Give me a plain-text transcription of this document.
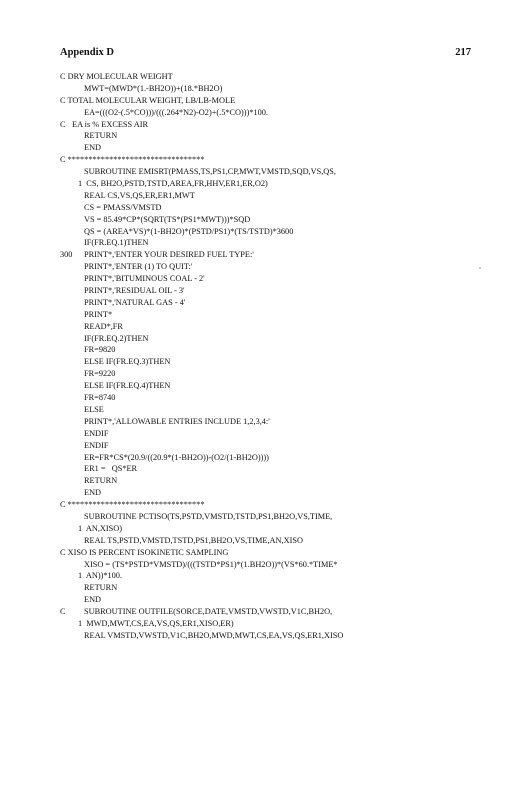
Appendix D	217
C DRY MOLECULAR WEIGHT
MWT=(MWD*(1.-BH2O))+(18.*BH2O)
C TOTAL MOLECULAR WEIGHT, LB/LB-MOLE
EA=(((O2-(.5*CO)))/(((.264*N2)-O2)+(.5*CO)))*100.
C EA is % EXCESS AIR
RETURN
END
C *********************************
SUBROUTINE EMISRT(PMASS,TS,PS1,CP,MWT,VMSTD,SQD,VS,QS,
1  CS, BH2O,PSTD,TSTD,AREA,FR,HHV,ER1,ER,O2)
REAL CS,VS,QS,ER,ER1,MWT
CS = PMASS/VMSTD
VS = 85.49*CP*(SQRT(TS*(PS1*MWT)))*SQD
QS = (AREA*VS)*(1-BH2O)*(PSTD/PS1)*(TS/TSTD)*3600
IF(FR.EQ.1)THEN
300	PRINT*,'ENTER YOUR DESIRED FUEL TYPE:'
PRINT*,'ENTER (1) TO QUIT:'
PRINT*,'BITUMINOUS COAL - 2'
PRINT*,'RESIDUAL OIL - 3'
PRINT*,'NATURAL GAS - 4'
PRINT*
READ*,FR
IF(FR.EQ.2)THEN
FR=9820
ELSE IF(FR.EQ.3)THEN
FR=9220
ELSE IF(FR.EQ.4)THEN
FR=8740
ELSE
PRINT*,'ALLOWABLE ENTRIES INCLUDE 1,2,3,4:'
ENDIF
ENDIF
ER=FR*CS*(20.9/((20.9*(1-BH2O))-(O2/(1-BH2O))))
ER1 =   QS*ER
RETURN
END
C *********************************
SUBROUTINE PCTISO(TS,PSTD,VMSTD,TSTD,PS1,BH2O,VS,TIME,
1  AN,XISO)
REAL TS,PSTD,VMSTD,TSTD,PS1,BH2O,VS,TIME,AN,XISO
C XISO IS PERCENT ISOKINETIC SAMPLING
XISO = (TS*PSTD*VMSTD)/(((TSTD*PS1)*(1.BH2O))*(VS*60.*TIME*
1  AN))*100.
RETURN
END
C	SUBROUTINE OUTFILE(SORCE,DATE,VMSTD,VWSTD,V1C,BH2O,
1  MWD,MWT,CS,EA,VS,QS,ER1,XISO,ER)
REAL VMSTD,VWSTD,V1C,BH2O,MWD,MWT,CS,EA,VS,QS,ER1,XISO
